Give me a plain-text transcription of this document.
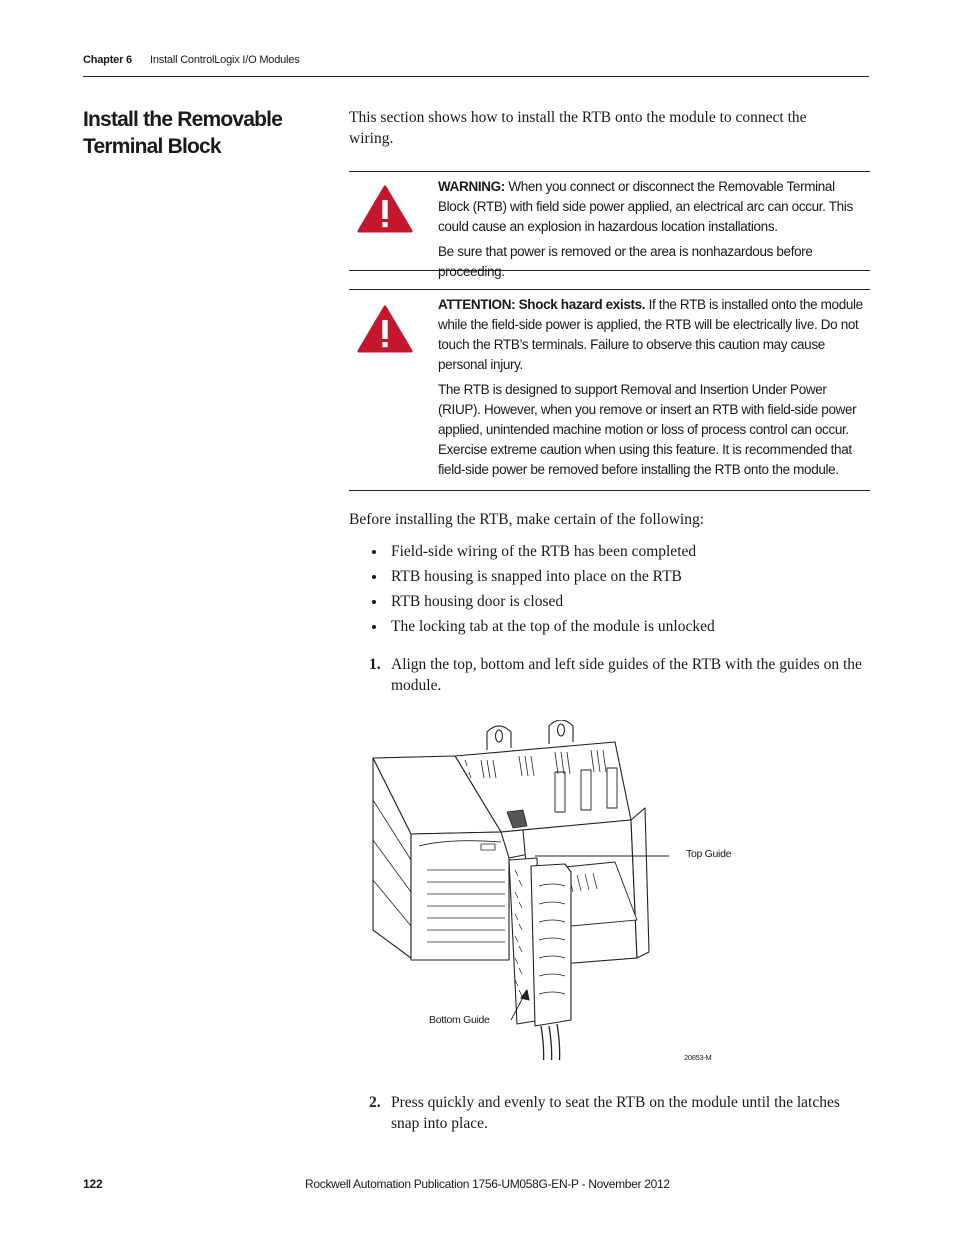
Chapter 6 Install ControlLogix I/O Modules
Install the Removable Terminal Block
This section shows how to install the RTB onto the module to connect the wiring.

WARNING: When you connect or disconnect the Removable Terminal Block (RTB) with field side power applied, an electrical arc can occur. This could cause an explosion in hazardous location installations.

Be sure that power is removed or the area is nonhazardous before proceeding.

ATTENTION: Shock hazard exists. If the RTB is installed onto the module while the field-side power is applied, the RTB will be electrically live. Do not touch the RTB’s terminals. Failure to observe this caution may cause personal injury.

The RTB is designed to support Removal and Insertion Under Power (RIUP). However, when you remove or insert an RTB with field-side power applied, unintended machine motion or loss of process control can occur. Exercise extreme caution when using this feature. It is recommended that field-side power be removed before installing the RTB onto the module.

Before installing the RTB, make certain of the following:
Field-side wiring of the RTB has been completed
RTB housing is snapped into place on the RTB
RTB housing door is closed
The locking tab at the top of the module is unlocked
1. Align the top, bottom and left side guides of the RTB with the guides on the module.
Top Guide
Bottom Guide
20853-M
2. Press quickly and evenly to seat the RTB on the module until the latches snap into place.
122	Rockwell Automation Publication 1756-UM058G-EN-P - November 2012
